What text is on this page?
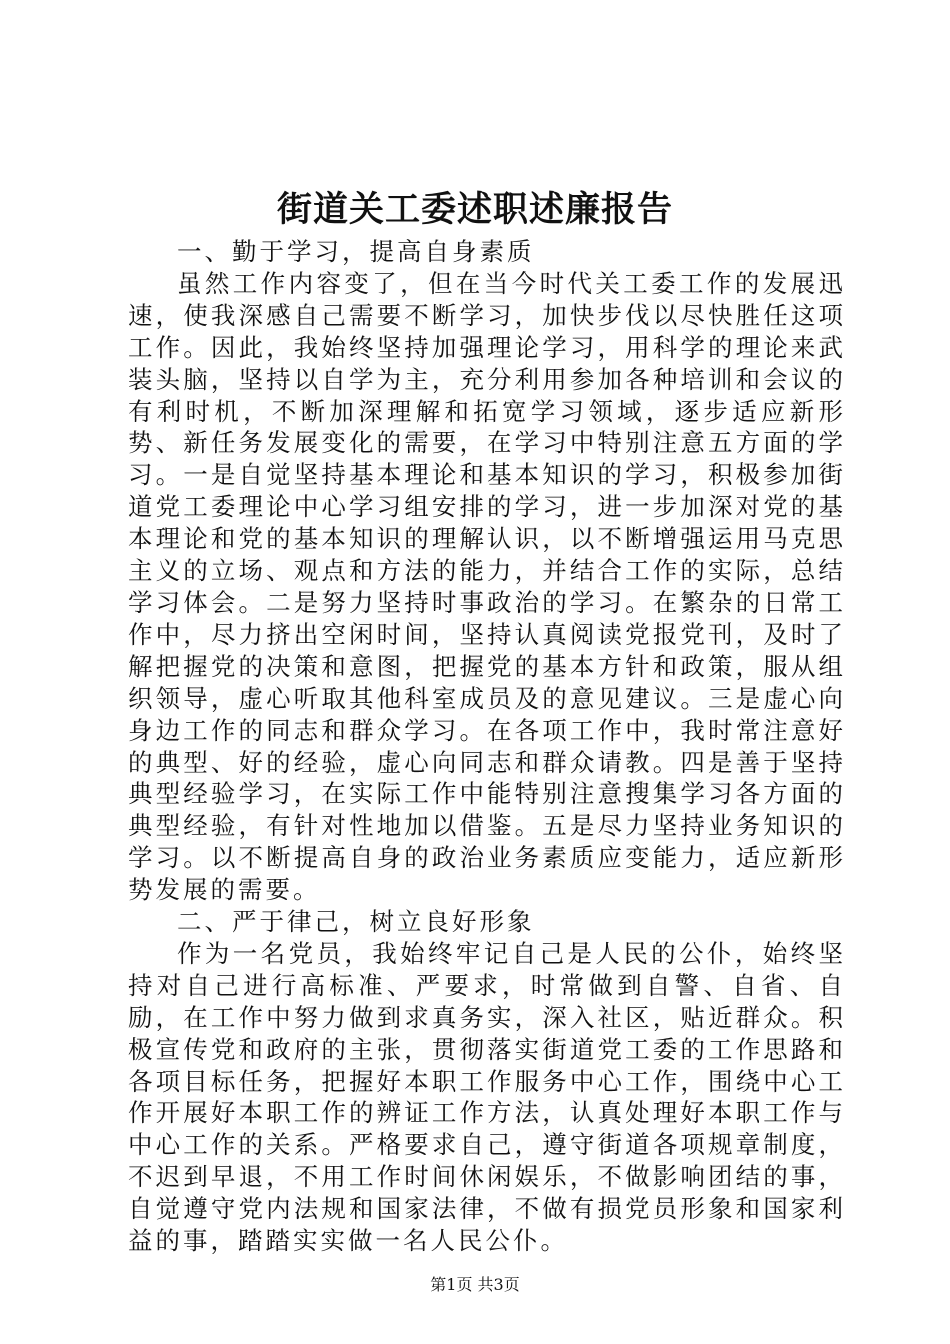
街道关工委述职述廉报告

一、勤于学习，提高自身素质

虽然工作内容变了，但在当今时代关工委工作的发展迅速，使我深感自己需要不断学习，加快步伐以尽快胜任这项工作。因此，我始终坚持加强理论学习，用科学的理论来武装头脑，坚持以自学为主，充分利用参加各种培训和会议的有利时机，不断加深理解和拓宽学习领域，逐步适应新形势、新任务发展变化的需要，在学习中特别注意五方面的学习。一是自觉坚持基本理论和基本知识的学习，积极参加街道党工委理论中心学习组安排的学习，进一步加深对党的基本理论和党的基本知识的理解认识，以不断增强运用马克思主义的立场、观点和方法的能力，并结合工作的实际，总结学习体会。二是努力坚持时事政治的学习。在繁杂的日常工作中，尽力挤出空闲时间，坚持认真阅读党报党刊，及时了解把握党的决策和意图，把握党的基本方针和政策，服从组织领导，虚心听取其他科室成员及的意见建议。三是虚心向身边工作的同志和群众学习。在各项工作中，我时常注意好的典型、好的经验，虚心向同志和群众请教。四是善于坚持典型经验学习，在实际工作中能特别注意搜集学习各方面的典型经验，有针对性地加以借鉴。五是尽力坚持业务知识的学习。以不断提高自身的政治业务素质应变能力，适应新形势发展的需要。

二、严于律己，树立良好形象

作为一名党员，我始终牢记自己是人民的公仆，始终坚持对自己进行高标准、严要求，时常做到自警、自省、自励，在工作中努力做到求真务实，深入社区，贴近群众。积极宣传党和政府的主张，贯彻落实街道党工委的工作思路和各项目标任务，把握好本职工作服务中心工作，围绕中心工作开展好本职工作的辨证工作方法，认真处理好本职工作与中心工作的关系。严格要求自己，遵守街道各项规章制度，不迟到早退，不用工作时间休闲娱乐，不做影响团结的事，自觉遵守党内法规和国家法律，不做有损党员形象和国家利益的事，踏踏实实做一名人民公仆。

第1页 共3页
